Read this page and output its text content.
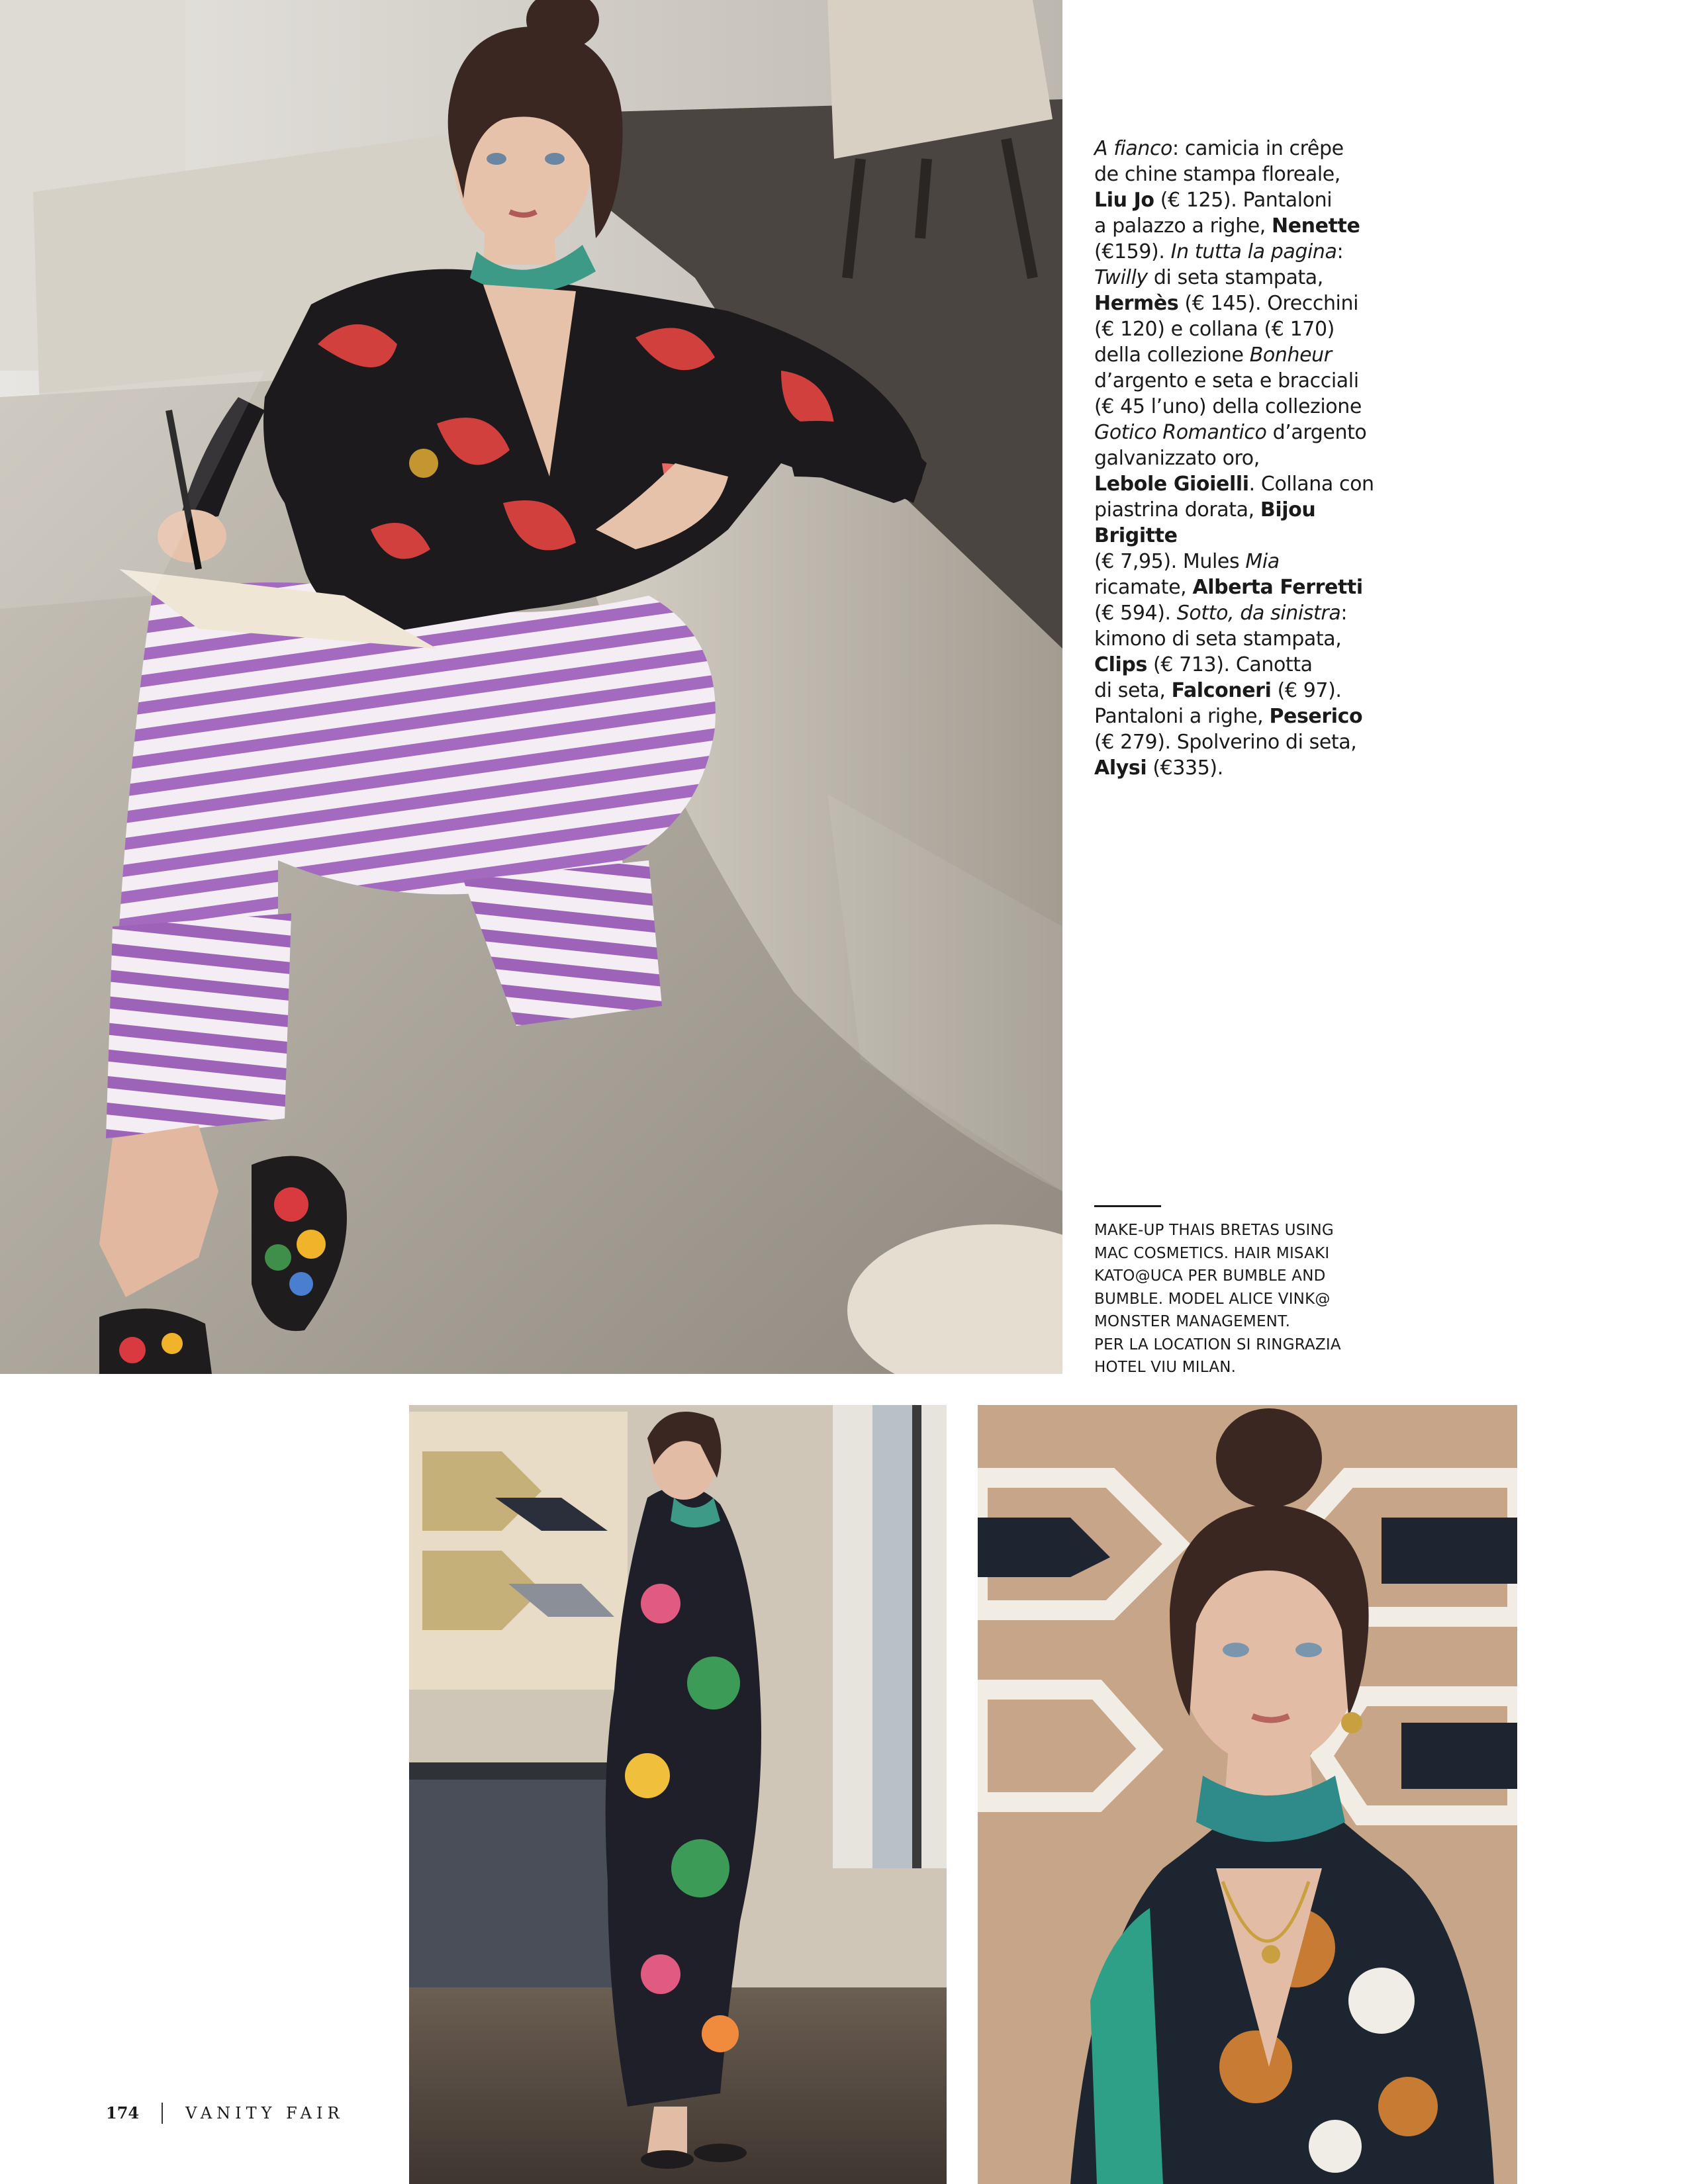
A fianco: camicia in crêpe
de chine stampa floreale,
Liu Jo (€ 125). Pantaloni
a palazzo a righe, Nenette
(€159). In tutta la pagina:
Twilly di seta stampata,
Hermès (€ 145). Orecchini
(€ 120) e collana (€ 170)
della collezione Bonheur
d’argento e seta e bracciali
(€ 45 l’uno) della collezione
Gotico Romantico d’argento
galvanizzato oro,
Lebole Gioielli. Collana con
piastrina dorata, Bijou Brigitte
(€ 7,95). Mules Mia
ricamate, Alberta Ferretti
(€ 594). Sotto, da sinistra:
kimono di seta stampata,
Clips (€ 713). Canotta
di seta, Falconeri (€ 97).
Pantaloni a righe, Peserico
(€ 279). Spolverino di seta,
Alysi (€335).
MAKE-UP THAIS BRETAS USING
MAC COSMETICS. HAIR MISAKI
KATO@UCA PER BUMBLE AND
BUMBLE. MODEL ALICE VINK@
MONSTER MANAGEMENT.
PER LA LOCATION SI RINGRAZIA
HOTEL VIU MILAN.
174	VANITY FAIR
